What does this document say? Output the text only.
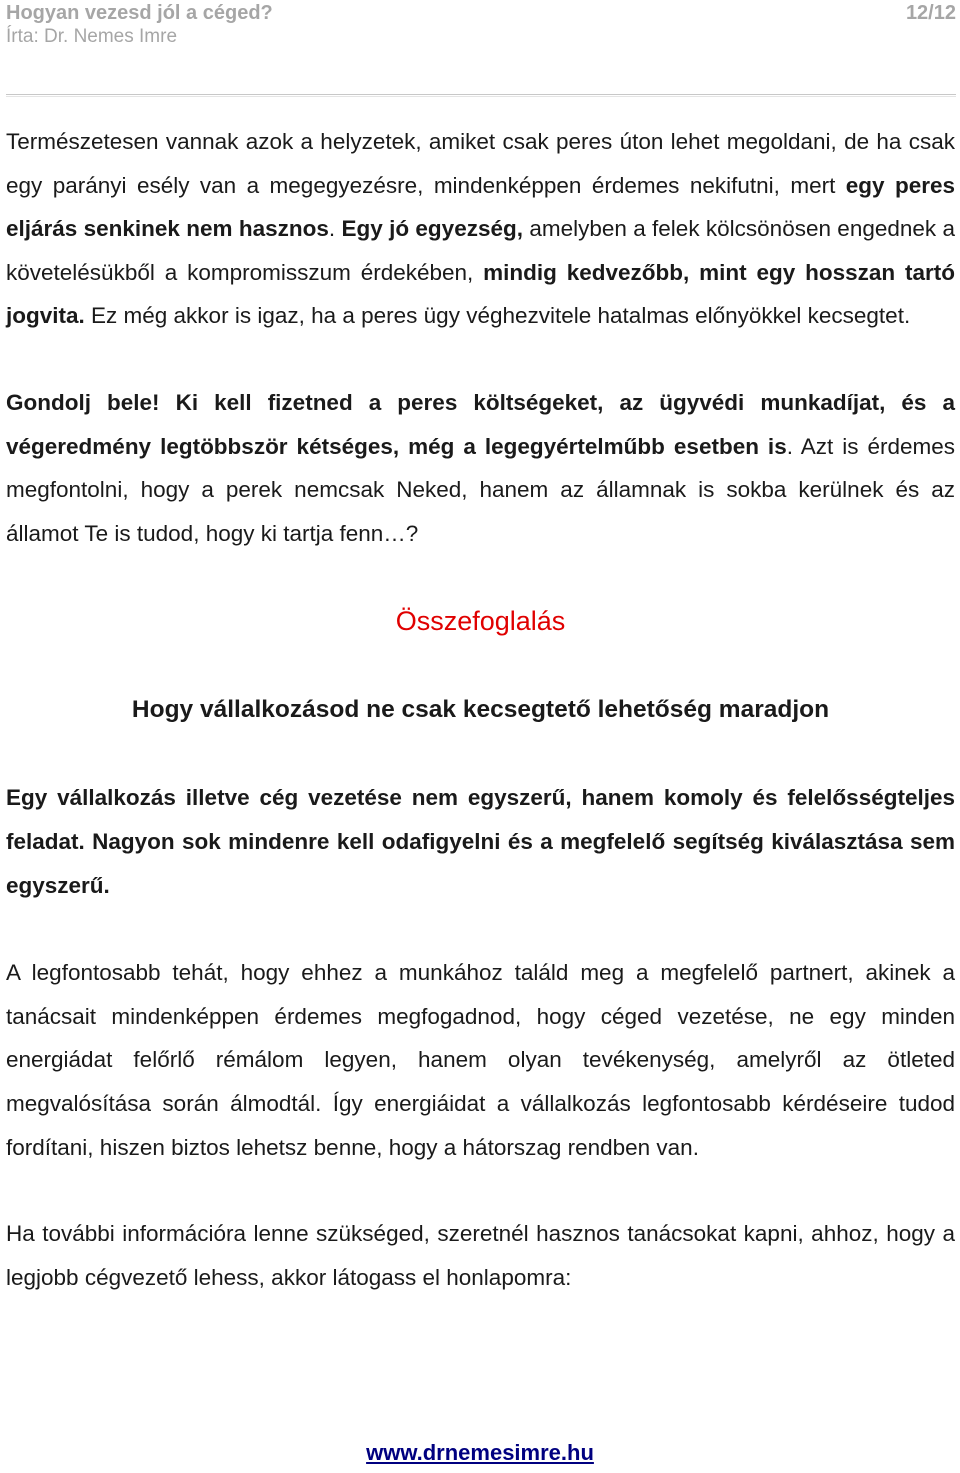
Hogyan vezesd jól a céged?	12/12
Írta: Dr. Nemes Imre

Természetesen vannak azok a helyzetek, amiket csak peres úton lehet megoldani, de ha csak egy parányi esély van a megegyezésre, mindenképpen érdemes nekifutni, mert egy peres eljárás senkinek nem hasznos. Egy jó egyezség, amelyben a felek kölcsönösen engednek a követelésükből a kompromisszum érdekében, mindig kedvezőbb, mint egy hosszan tartó jogvita. Ez még akkor is igaz, ha a peres ügy véghezvitele hatalmas előnyökkel kecsegtet.

Gondolj bele! Ki kell fizetned a peres költségeket, az ügyvédi munkadíjat, és a végeredmény legtöbbször kétséges, még a legegyértelműbb esetben is. Azt is érdemes megfontolni, hogy a perek nemcsak Neked, hanem az államnak is sokba kerülnek és az államot Te is tudod, hogy ki tartja fenn…?

Összefoglalás
Hogy vállalkozásod ne csak kecsegtető lehetőség maradjon

Egy vállalkozás illetve cég vezetése nem egyszerű, hanem komoly és felelősségteljes feladat. Nagyon sok mindenre kell odafigyelni és a megfelelő segítség kiválasztása sem egyszerű.

A legfontosabb tehát, hogy ehhez a munkához találd meg a megfelelő partnert, akinek a tanácsait mindenképpen érdemes megfogadnod, hogy céged vezetése, ne egy minden energiádat felőrlő rémálom legyen, hanem olyan tevékenység, amelyről az ötleted megvalósítása során álmodtál. Így energiáidat a vállalkozás legfontosabb kérdéseire tudod fordítani, hiszen biztos lehetsz benne, hogy a hátorszag rendben van.

Ha további információra lenne szükséged, szeretnél hasznos tanácsokat kapni, ahhoz, hogy a legjobb cégvezető lehess, akkor látogass el honlapomra:

www.drnemesimre.hu
